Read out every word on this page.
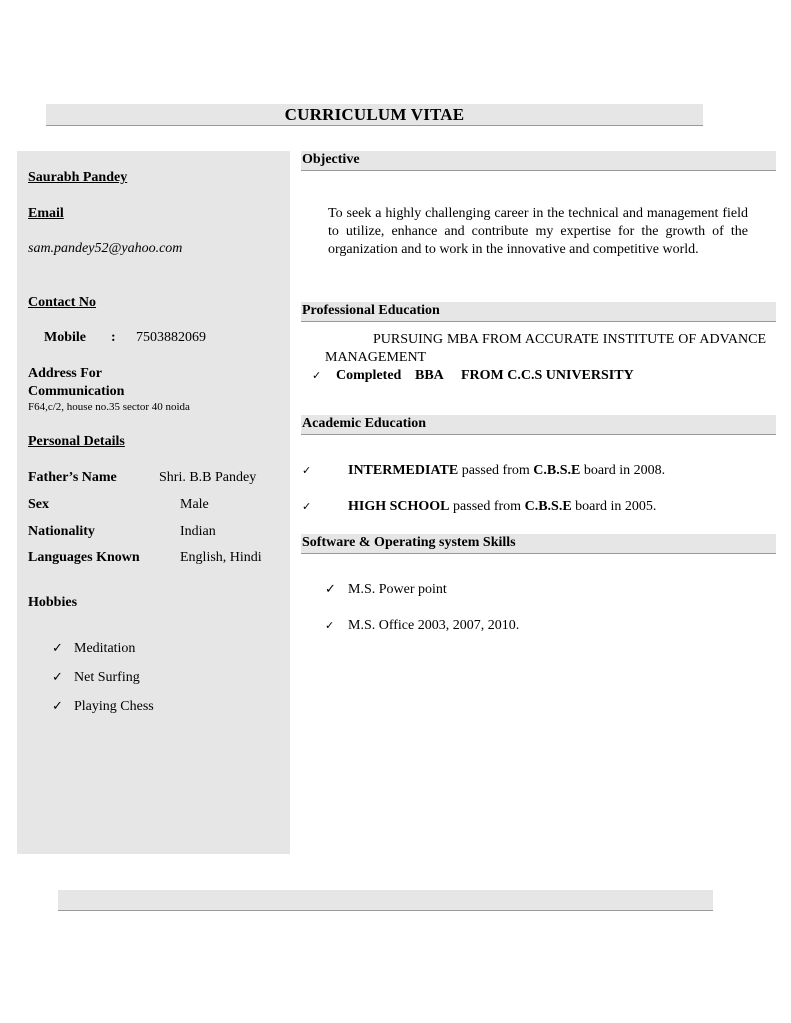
CURRICULUM VITAE
Saurabh Pandey
Email
sam.pandey52@yahoo.com
Contact No
Mobile : 7503882069
Address For
Communication
F64,c/2, house no.35 sector 40 noida
Personal Details
Father’s Name	Shri. B.B Pandey
Sex	Male
Nationality	Indian
Languages Known	English, Hindi
Hobbies
✓ Meditation
✓ Net Surfing
✓ Playing Chess
Objective
To seek a highly challenging career in the technical and management field to utilize, enhance and contribute my expertise for the growth of the organization and to work in the innovative and competitive world.
Professional Education
PURSUING MBA FROM ACCURATE INSTITUTE OF ADVANCE MANAGEMENT
✓ Completed BBA FROM C.C.S UNIVERSITY
Academic Education
✓	INTERMEDIATE passed from C.B.S.E board in 2008.
✓	HIGH SCHOOL passed from C.B.S.E board in 2005.
Software & Operating system Skills
✓ M.S. Power point
✓ M.S. Office 2003, 2007, 2010.
